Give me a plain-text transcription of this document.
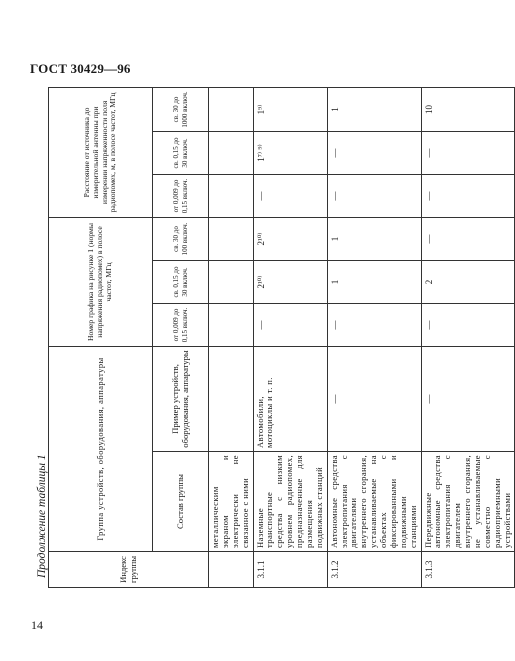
ГОСТ 30429—96
Продолжение таблицы 1
14
Индекс группы	Группа устройств, оборудования, аппаратуры		Номер графика на рисунке 1 (нормы напряжения радиопомех) в полосе частот, МГц			Расстояние от источника до измерительной антенны при измерении напряженности поля радиопомех, м, в полосе частот, МГц		
	Состав группы	Пример устройств, оборудования, аппаратуры	от 0,009 до 0,15 включ.	св. 0,15 до 30 включ.	св. 30 до 100 включ.	от 0,009 до 0,15 включ.	св. 0,15 до 30 включ.	св. 30 до 1000 включ.
	металлическим экраном и электрически не связанное с ними							
3.1.1	Наземные транспортные средства с низким уровнем радиопомех, предназначенные для размещения подвижных станций	Автомобили, мотоциклы и т. п.	—	2¹⁰⁾	2¹⁰⁾	—	1⁷⁾ ⁹⁾	1⁹⁾
3.1.2	Автономные средства электропитания с двигателями внутреннего сгорания, устанавливаемые на объектах с фиксированными и подвижными станциями	—	—	1	1	—	—	1
3.1.3	Передвижные автономные средства электропитания с двигателем внутреннего сгорания, не устанавливаемые совместно с радиоприемными устройствами	—	—	2	—	—	—	10
